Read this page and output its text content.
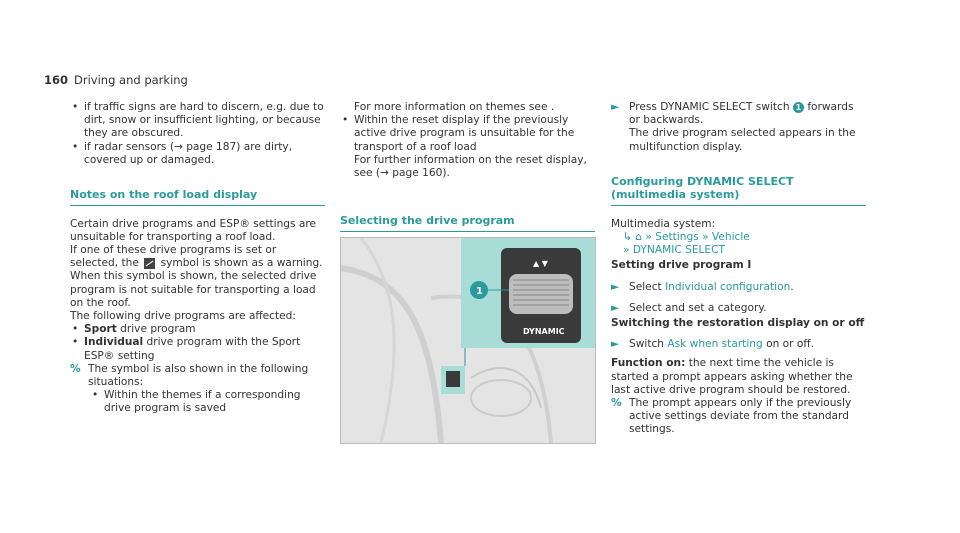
160 Driving and parking

• if traffic signs are hard to discern, e.g. due to dirt, snow or insufficient lighting, or because they are obscured.

• if radar sensors (→ page 187) are dirty, covered up or damaged.

Notes on the roof load display

Certain drive programs and ESP® settings are unsuitable for transporting a roof load.

If one of these drive programs is set or selected, the symbol is shown as a warning. When this symbol is shown, the selected drive program is not suitable for transporting a load on the roof.

The following drive programs are affected:

• Sport drive program

• Individual drive program with the Sport ESP® setting

% The symbol is also shown in the following situations:

• Within the themes if a corresponding drive program is saved

For more information on themes see .

• Within the reset display if the previously active drive program is unsuitable for the transport of a roof load

For further information on the reset display, see (→ page 160).

Selecting the drive program

▲ ▼
DYNAMIC
1

► Press DYNAMIC SELECT switch 1 forwards or backwards.

The drive program selected appears in the multifunction display.

Configuring DYNAMIC SELECT (multimedia system)

Multimedia system:

↳ ⌂ » Settings » Vehicle

» DYNAMIC SELECT

Setting drive program I

► Select Individual configuration.

► Select and set a category.

Switching the restoration display on or off

► Switch Ask when starting on or off.

Function on: the next time the vehicle is started a prompt appears asking whether the last active drive program should be restored.

% The prompt appears only if the previously active settings deviate from the standard settings.
